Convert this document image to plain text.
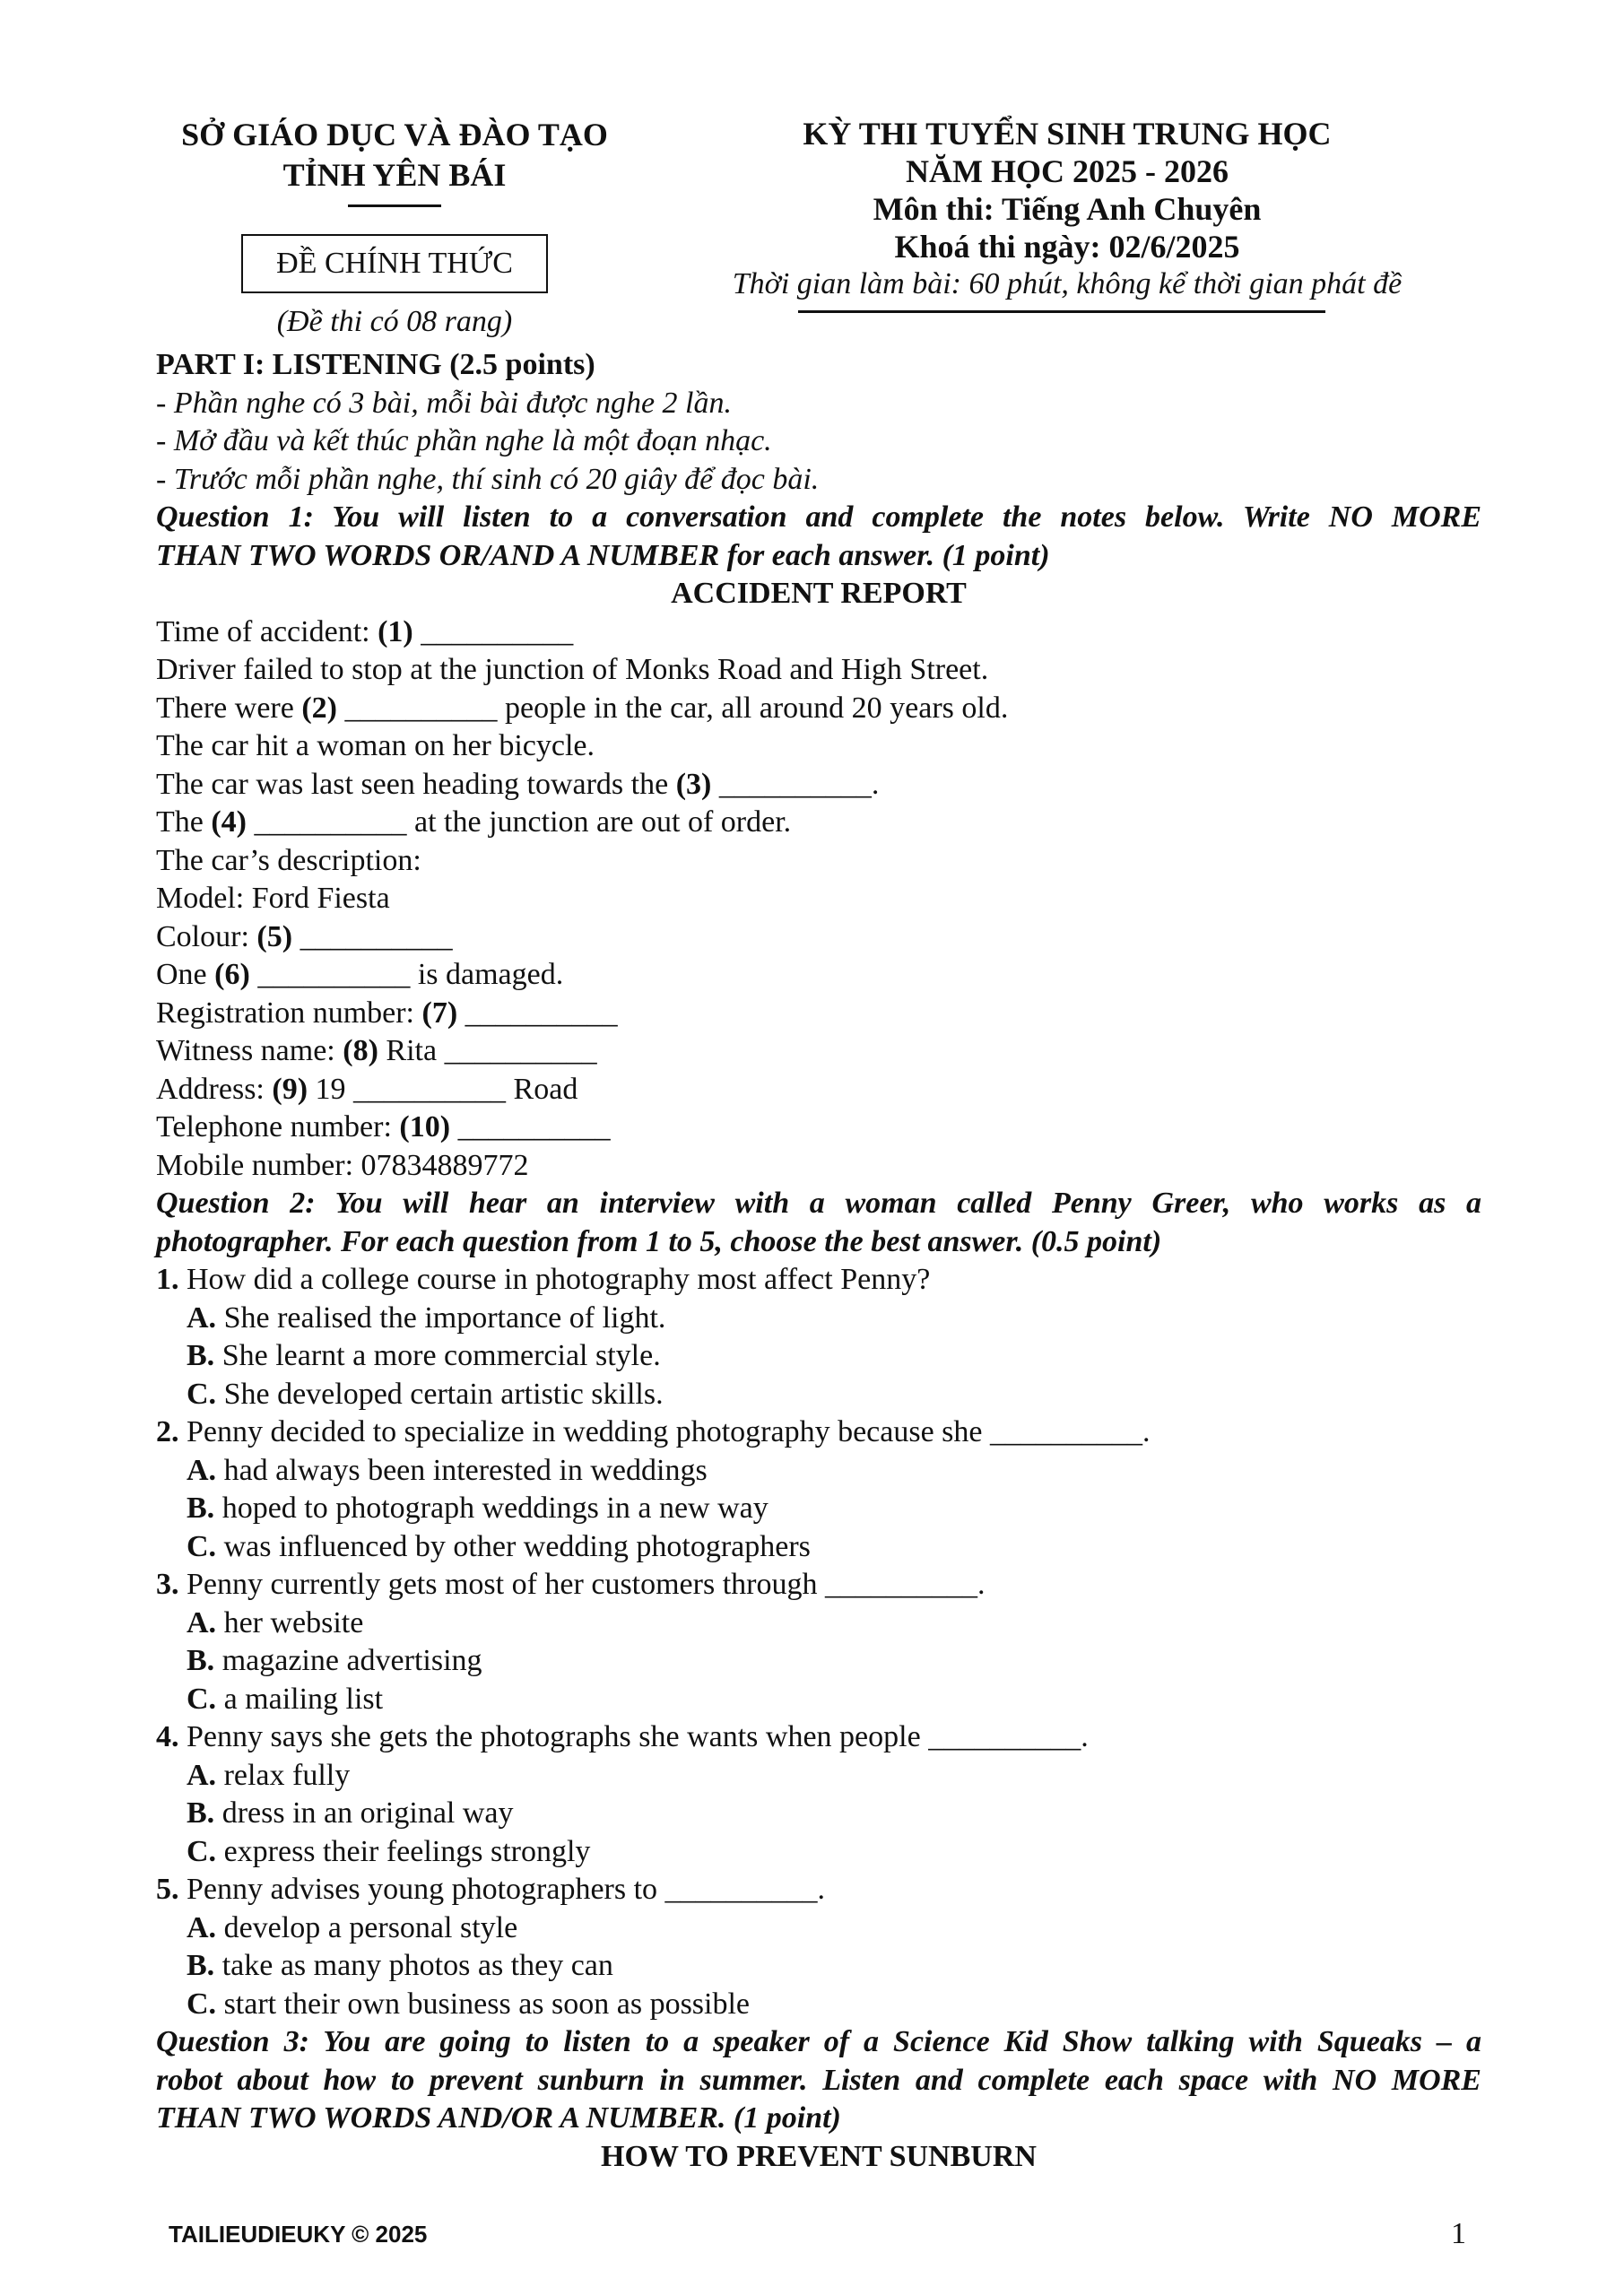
SỞ GIÁO DỤC VÀ ĐÀO TẠO
TỈNH YÊN BÁI
ĐỀ CHÍNH THỨC
(Đề thi có 08 rang)
KỲ THI TUYỂN SINH TRUNG HỌC
NĂM HỌC 2025 - 2026
Môn thi: Tiếng Anh Chuyên
Khoá thi ngày: 02/6/2025
Thời gian làm bài: 60 phút, không kể thời gian phát đề
PART I: LISTENING (2.5 points)
- Phần nghe có 3 bài, mỗi bài được nghe 2 lần.
- Mở đầu và kết thúc phần nghe là một đoạn nhạc.
- Trước mỗi phần nghe, thí sinh có 20 giây để đọc bài.
Question 1: You will listen to a conversation and complete the notes below. Write NO MORE
THAN TWO WORDS OR/AND A NUMBER for each answer. (1 point)
ACCIDENT REPORT
Time of accident: (1) __________
Driver failed to stop at the junction of Monks Road and High Street.
There were (2) __________ people in the car, all around 20 years old.
The car hit a woman on her bicycle.
The car was last seen heading towards the (3) __________.
The (4) __________ at the junction are out of order.
The car’s description:
Model: Ford Fiesta
Colour: (5) __________
One (6) __________ is damaged.
Registration number: (7) __________
Witness name: (8) Rita __________
Address: (9) 19 __________ Road
Telephone number: (10) __________
Mobile number: 07834889772
Question 2: You will hear an interview with a woman called Penny Greer, who works as a
photographer. For each question from 1 to 5, choose the best answer. (0.5 point)
1. How did a college course in photography most affect Penny?
A. She realised the importance of light.
B. She learnt a more commercial style.
C. She developed certain artistic skills.
2. Penny decided to specialize in wedding photography because she __________.
A. had always been interested in weddings
B. hoped to photograph weddings in a new way
C. was influenced by other wedding photographers
3. Penny currently gets most of her customers through __________.
A. her website
B. magazine advertising
C. a mailing list
4. Penny says she gets the photographs she wants when people __________.
A. relax fully
B. dress in an original way
C. express their feelings strongly
5. Penny advises young photographers to __________.
A. develop a personal style
B. take as many photos as they can
C. start their own business as soon as possible
Question 3: You are going to listen to a speaker of a Science Kid Show talking with Squeaks – a
robot about how to prevent sunburn in summer. Listen and complete each space with NO MORE
THAN TWO WORDS AND/OR A NUMBER. (1 point)
HOW TO PREVENT SUNBURN
TAILIEUDIEUKY © 2025	1
